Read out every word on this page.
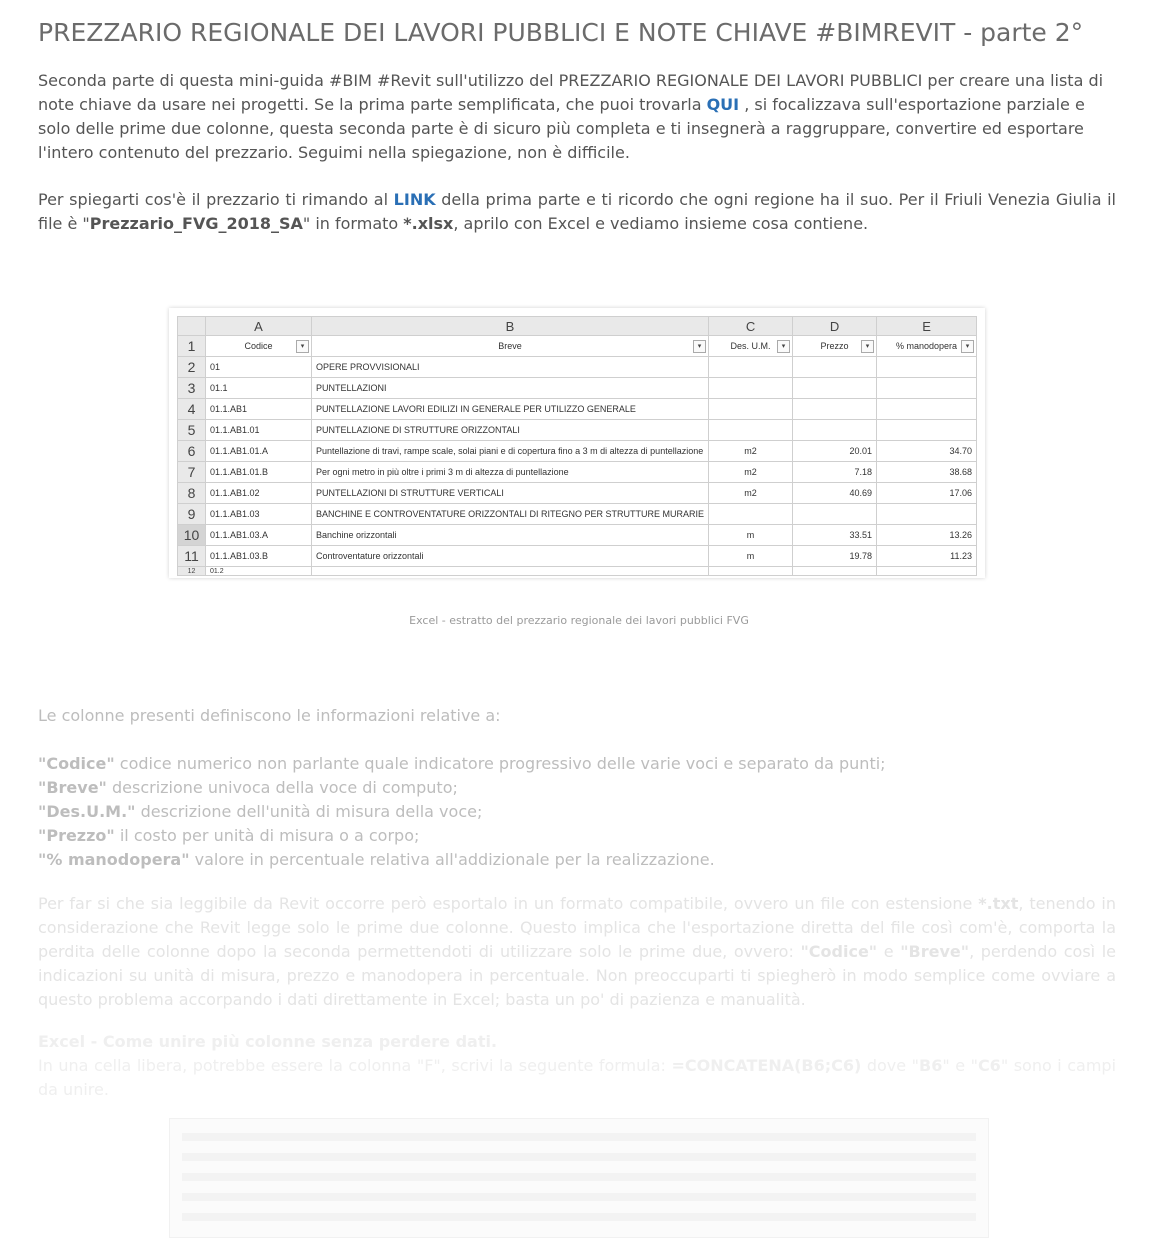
PREZZARIO REGIONALE DEI LAVORI PUBBLICI E NOTE CHIAVE #BIMREVIT - parte 2°

Seconda parte di questa mini-guida #BIM #Revit sull'utilizzo del PREZZARIO REGIONALE DEI LAVORI PUBBLICI per creare una lista di note chiave da usare nei progetti. Se la prima parte semplificata, che puoi trovarla QUI , si focalizzava sull'esportazione parziale e solo delle prime due colonne, questa seconda parte è di sicuro più completa e ti insegnerà a raggruppare, convertire ed esportare l'intero contenuto del prezzario. Seguimi nella spiegazione, non è difficile.

Per spiegarti cos'è il prezzario ti rimando al LINK della prima parte e ti ricordo che ogni regione ha il suo. Per il Friuli Venezia Giulia il file è "Prezzario_FVG_2018_SA" in formato *.xlsx, aprilo con Excel e vediamo insieme cosa contiene.

	A	B	C	D	E
1	Codice ▾	Breve ▾	Des. U.M. ▾	Prezzo ▾	% manodopera ▾

2	01	OPERE PROVVISIONALI			
3	01.1	PUNTELLAZIONI			
4	01.1.AB1	PUNTELLAZIONE LAVORI EDILIZI IN GENERALE PER UTILIZZO GENERALE			
5	01.1.AB1.01	PUNTELLAZIONE DI STRUTTURE ORIZZONTALI			
6	01.1.AB1.01.A	Puntellazione di travi, rampe scale, solai piani e di copertura fino a 3 m di altezza di puntellazione	m2	20.01	34.70
7	01.1.AB1.01.B	Per ogni metro in più oltre i primi 3 m di altezza di puntellazione	m2	7.18	38.68
8	01.1.AB1.02	PUNTELLAZIONI DI STRUTTURE VERTICALI	m2	40.69	17.06
9	01.1.AB1.03	BANCHINE E CONTROVENTATURE ORIZZONTALI DI RITEGNO PER STRUTTURE MURARIE			
10	01.1.AB1.03.A	Banchine orizzontali	m	33.51	13.26
11	01.1.AB1.03.B	Controventature orizzontali	m	19.78	11.23
12	01.2				
Excel - estratto del prezzario regionale dei lavori pubblici FVG

Le colonne presenti definiscono le informazioni relative a:

"Codice" codice numerico non parlante quale indicatore progressivo delle varie voci e separato da punti;

"Breve" descrizione univoca della voce di computo;

"Des.U.M." descrizione dell'unità di misura della voce;

"Prezzo" il costo per unità di misura o a corpo;

"% manodopera" valore in percentuale relativa all'addizionale per la realizzazione.

Per far si che sia leggibile da Revit occorre però esportalo in un formato compatibile, ovvero un file con estensione *.txt, tenendo in considerazione che Revit legge solo le prime due colonne. Questo implica che l'esportazione diretta del file così com'è, comporta la perdita delle colonne dopo la seconda permettendoti di utilizzare solo le prime due, ovvero: "Codice" e "Breve", perdendo così le indicazioni su unità di misura, prezzo e manodopera in percentuale. Non preoccuparti ti spiegherò in modo semplice come ovviare a questo problema accorpando i dati direttamente in Excel; basta un po' di pazienza e manualità.

Excel - Come unire più colonne senza perdere dati.

In una cella libera, potrebbe essere la colonna "F", scrivi la seguente formula: =CONCATENA(B6;C6) dove "B6" e "C6" sono i campi da unire.
